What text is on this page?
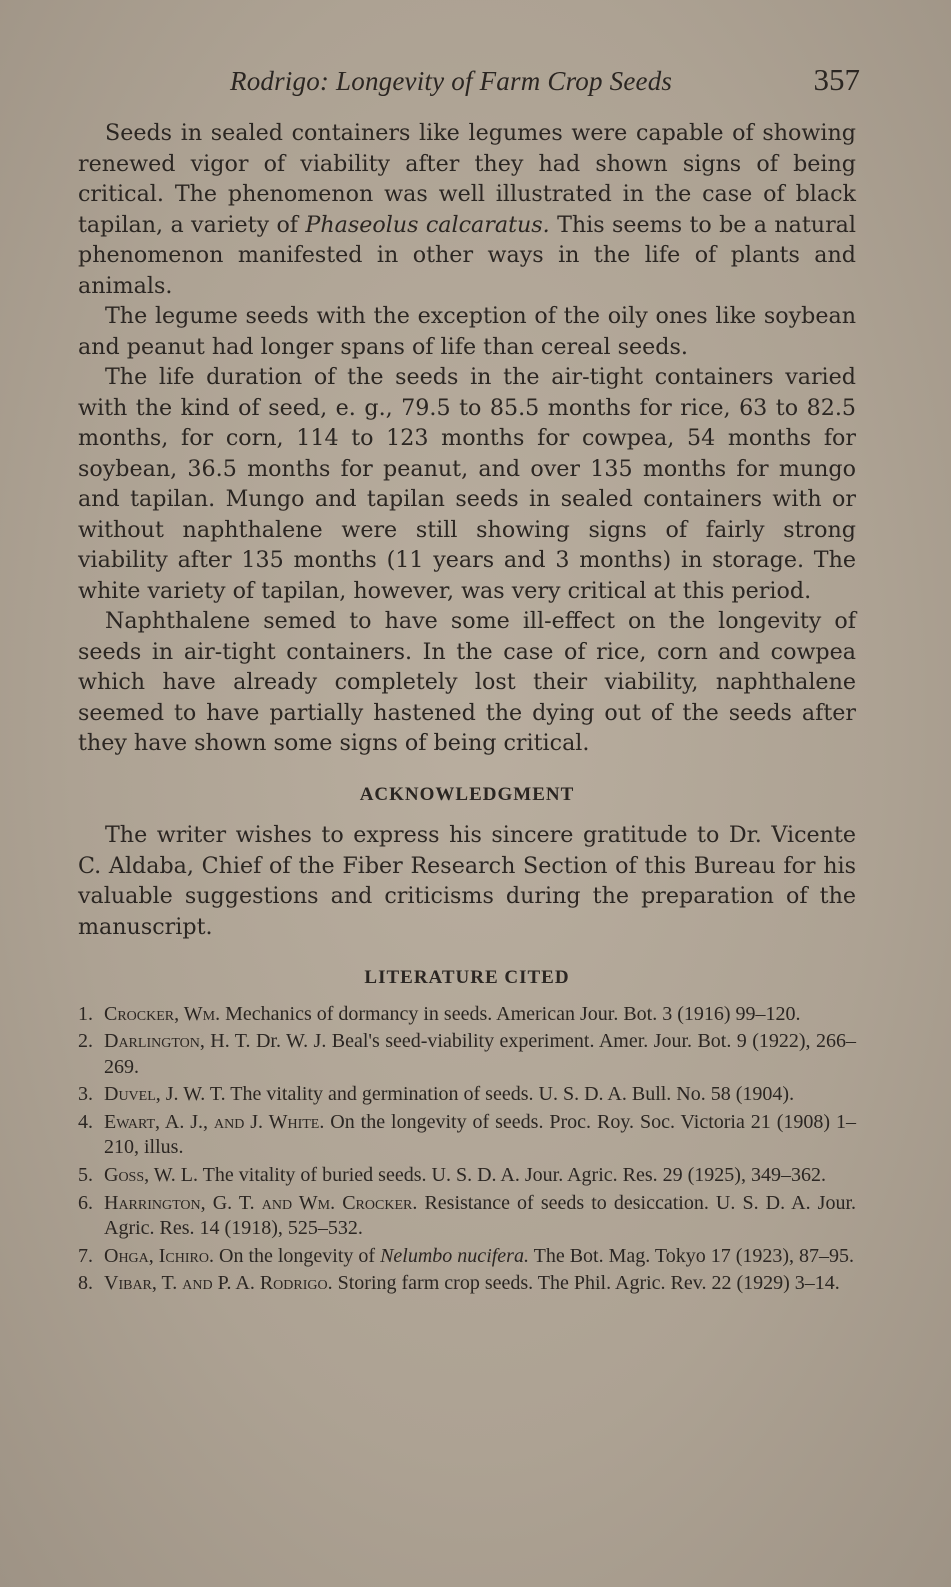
Rodrigo: Longevity of Farm Crop Seeds	357

Seeds in sealed containers like legumes were capable of showing renewed vigor of viability after they had shown signs of being critical. The phenomenon was well illustrated in the case of black tapilan, a variety of Phaseolus calcaratus. This seems to be a natural phenomenon manifested in other ways in the life of plants and animals.

The legume seeds with the exception of the oily ones like soybean and peanut had longer spans of life than cereal seeds.

The life duration of the seeds in the air-tight containers varied with the kind of seed, e. g., 79.5 to 85.5 months for rice, 63 to 82.5 months, for corn, 114 to 123 months for cowpea, 54 months for soybean, 36.5 months for peanut, and over 135 months for mungo and tapilan. Mungo and tapilan seeds in sealed containers with or without naphthalene were still showing signs of fairly strong viability after 135 months (11 years and 3 months) in storage. The white variety of tapilan, however, was very critical at this period.

Naphthalene semed to have some ill-effect on the longevity of seeds in air-tight containers. In the case of rice, corn and cowpea which have already completely lost their viability, naphthalene seemed to have partially hastened the dying out of the seeds after they have shown some signs of being critical.

ACKNOWLEDGMENT

The writer wishes to express his sincere gratitude to Dr. Vicente C. Aldaba, Chief of the Fiber Research Section of this Bureau for his valuable suggestions and criticisms during the preparation of the manuscript.

LITERATURE CITED
1. Crocker, Wm. Mechanics of dormancy in seeds. American Jour. Bot. 3 (1916) 99–120.
2. Darlington, H. T. Dr. W. J. Beal's seed-viability experiment. Amer. Jour. Bot. 9 (1922), 266–269.
3. Duvel, J. W. T. The vitality and germination of seeds. U. S. D. A. Bull. No. 58 (1904).
4. Ewart, A. J., and J. White. On the longevity of seeds. Proc. Roy. Soc. Victoria 21 (1908) 1–210, illus.
5. Goss, W. L. The vitality of buried seeds. U. S. D. A. Jour. Agric. Res. 29 (1925), 349–362.
6. Harrington, G. T. and Wm. Crocker. Resistance of seeds to desiccation. U. S. D. A. Jour. Agric. Res. 14 (1918), 525–532.
7. Ohga, Ichiro. On the longevity of Nelumbo nucifera. The Bot. Mag. Tokyo 17 (1923), 87–95.
8. Vibar, T. and P. A. Rodrigo. Storing farm crop seeds. The Phil. Agric. Rev. 22 (1929) 3–14.
